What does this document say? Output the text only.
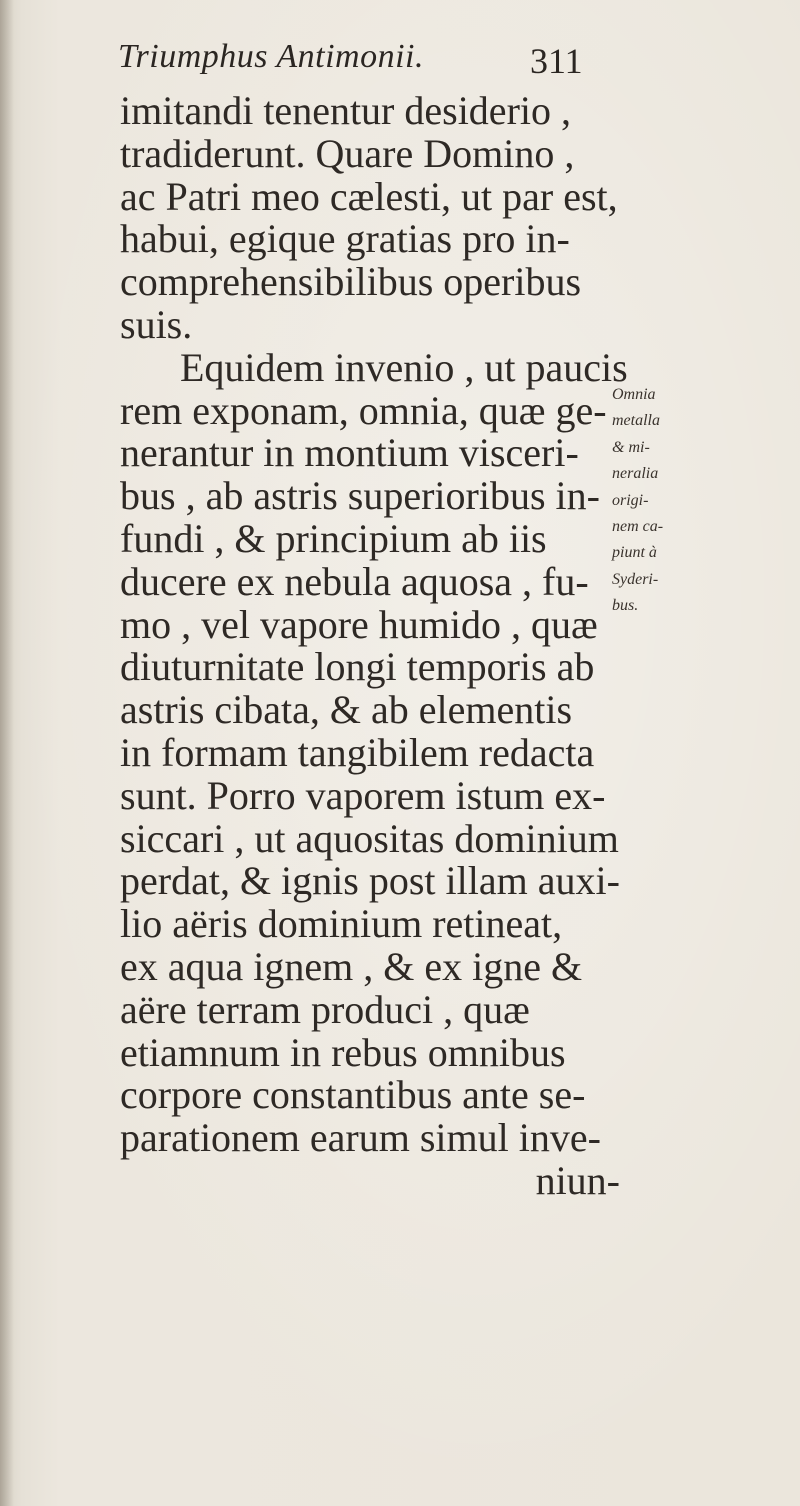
Triumphus Antimonii.	311
imitandi tenentur desiderio ,
tradiderunt. Quare Domino ,
ac Patri meo cælesti, ut par est,
habui, egique gratias pro in-
comprehensibilibus operibus
suis.
Equidem invenio , ut paucis
rem exponam, omnia, quæ ge-
nerantur in montium visceri-
bus , ab astris superioribus in-
fundi , & principium ab iis
ducere ex nebula aquosa , fu-
mo , vel vapore humido , quæ
diuturnitate longi temporis ab
astris cibata, & ab elementis
in formam tangibilem redacta
sunt. Porro vaporem istum ex-
siccari , ut aquositas dominium
perdat, & ignis post illam auxi-
lio aëris dominium retineat,
ex aqua ignem , & ex igne &
aëre terram produci , quæ
etiamnum in rebus omnibus
corpore constantibus ante se-
parationem earum simul inve-
niun-
Omnia
metalla
& mi-
neralia
origi-
nem ca-
piunt à
Syderi-
bus.
